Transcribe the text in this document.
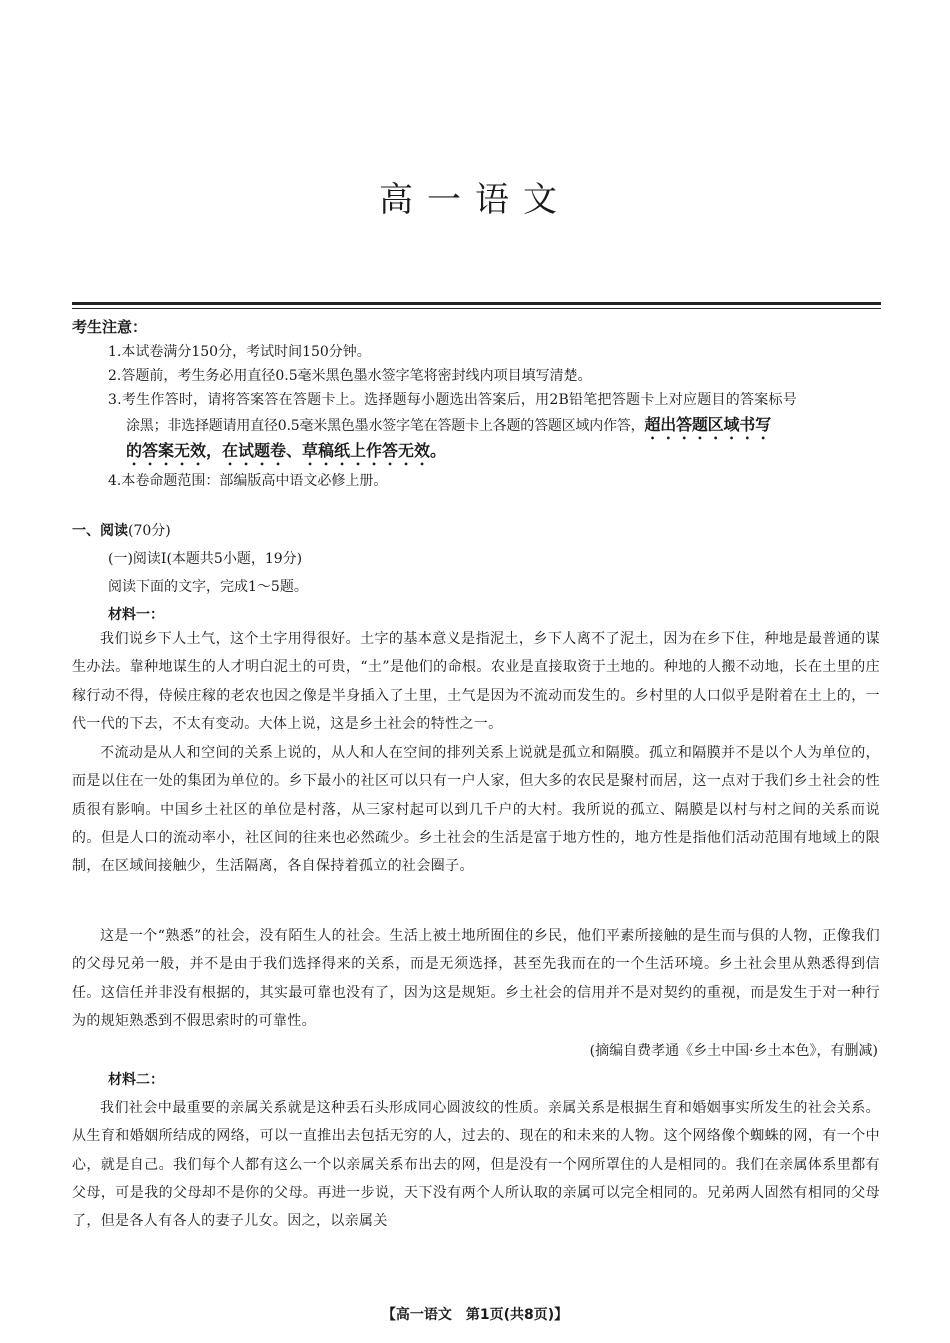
高一语文
考生注意：
1.本试卷满分150分，考试时间150分钟。
2.答题前，考生务必用直径0.5毫米黑色墨水签字笔将密封线内项目填写清楚。
3.考生作答时，请将答案答在答题卡上。选择题每小题选出答案后，用2B铅笔把答题卡上对应题目的答案标号
涂黑；非选择题请用直径0.5毫米黑色墨水签字笔在答题卡上各题的答题区域内作答，超出答题区域书写
的答案无效，在试题卷、草稿纸上作答无效。
4.本卷命题范围：部编版高中语文必修上册。
一、阅读(70分)
(一)阅读Ⅰ(本题共5小题，19分)
阅读下面的文字，完成1～5题。
材料一：
我们说乡下人土气，这个土字用得很好。土字的基本意义是指泥土，乡下人离不了泥土，因为在乡下住，种地是最普通的谋生办法。靠种地谋生的人才明白泥土的可贵，“土”是他们的命根。农业是直接取资于土地的。种地的人搬不动地，长在土里的庄稼行动不得，侍候庄稼的老农也因之像是半身插入了土里，土气是因为不流动而发生的。乡村里的人口似乎是附着在土上的，一代一代的下去，不太有变动。大体上说，这是乡土社会的特性之一。
不流动是从人和空间的关系上说的，从人和人在空间的排列关系上说就是孤立和隔膜。孤立和隔膜并不是以个人为单位的，而是以住在一处的集团为单位的。乡下最小的社区可以只有一户人家，但大多的农民是聚村而居，这一点对于我们乡土社会的性质很有影响。中国乡土社区的单位是村落，从三家村起可以到几千户的大村。我所说的孤立、隔膜是以村与村之间的关系而说的。但是人口的流动率小，社区间的往来也必然疏少。乡土社会的生活是富于地方性的，地方性是指他们活动范围有地域上的限制，在区域间接触少，生活隔离，各自保持着孤立的社会圈子。
这是一个“熟悉”的社会，没有陌生人的社会。生活上被土地所囿住的乡民，他们平素所接触的是生而与俱的人物，正像我们的父母兄弟一般，并不是由于我们选择得来的关系，而是无须选择，甚至先我而在的一个生活环境。乡土社会里从熟悉得到信任。这信任并非没有根据的，其实最可靠也没有了，因为这是规矩。乡土社会的信用并不是对契约的重视，而是发生于对一种行为的规矩熟悉到不假思索时的可靠性。
(摘编自费孝通《乡土中国·乡土本色》，有删减)
材料二：
我们社会中最重要的亲属关系就是这种丢石头形成同心圆波纹的性质。亲属关系是根据生育和婚姻事实所发生的社会关系。从生育和婚姻所结成的网络，可以一直推出去包括无穷的人，过去的、现在的和未来的人物。这个网络像个蜘蛛的网，有一个中心，就是自己。我们每个人都有这么一个以亲属关系布出去的网，但是没有一个网所罩住的人是相同的。我们在亲属体系里都有父母，可是我的父母却不是你的父母。再进一步说，天下没有两个人所认取的亲属可以完全相同的。兄弟两人固然有相同的父母了，但是各人有各人的妻子儿女。因之，以亲属关
【高一语文　第1页(共8页)】
